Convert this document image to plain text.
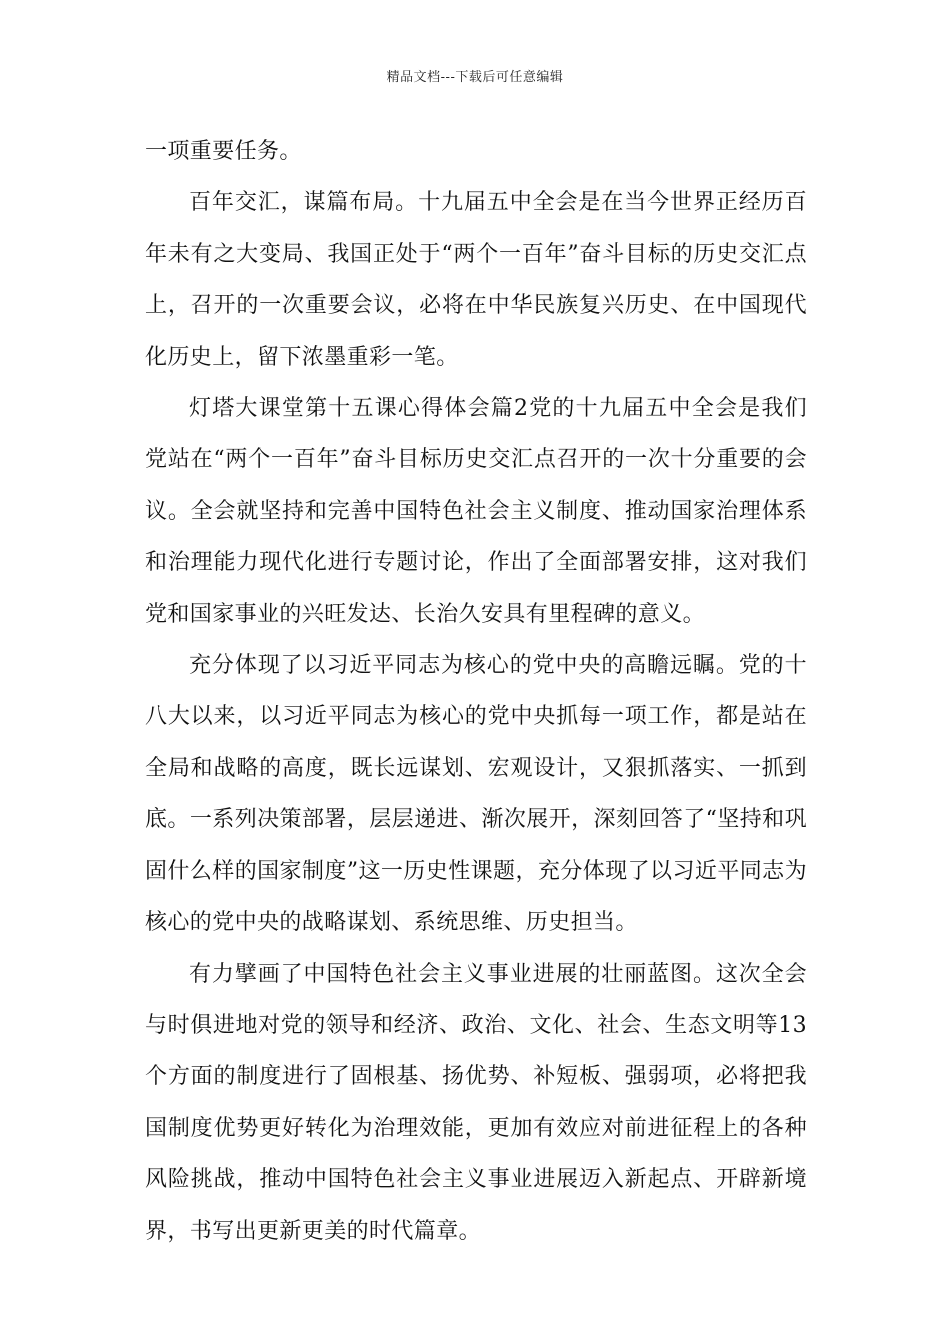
精品文档---下载后可任意编辑

一项重要任务。

百年交汇，谋篇布局。十九届五中全会是在当今世界正经历百年未有之大变局、我国正处于“两个一百年”奋斗目标的历史交汇点上，召开的一次重要会议，必将在中华民族复兴历史、在中国现代化历史上，留下浓墨重彩一笔。

灯塔大课堂第十五课心得体会篇2党的十九届五中全会是我们党站在“两个一百年”奋斗目标历史交汇点召开的一次十分重要的会议。全会就坚持和完善中国特色社会主义制度、推动国家治理体系和治理能力现代化进行专题讨论，作出了全面部署安排，这对我们党和国家事业的兴旺发达、长治久安具有里程碑的意义。

充分体现了以习近平同志为核心的党中央的高瞻远瞩。党的十八大以来，以习近平同志为核心的党中央抓每一项工作，都是站在全局和战略的高度，既长远谋划、宏观设计，又狠抓落实、一抓到底。一系列决策部署，层层递进、渐次展开，深刻回答了“坚持和巩固什么样的国家制度”这一历史性课题，充分体现了以习近平同志为核心的党中央的战略谋划、系统思维、历史担当。

有力擘画了中国特色社会主义事业进展的壮丽蓝图。这次全会与时俱进地对党的领导和经济、政治、文化、社会、生态文明等13个方面的制度进行了固根基、扬优势、补短板、强弱项，必将把我国制度优势更好转化为治理效能，更加有效应对前进征程上的各种风险挑战，推动中国特色社会主义事业进展迈入新起点、开辟新境界，书写出更新更美的时代篇章。
